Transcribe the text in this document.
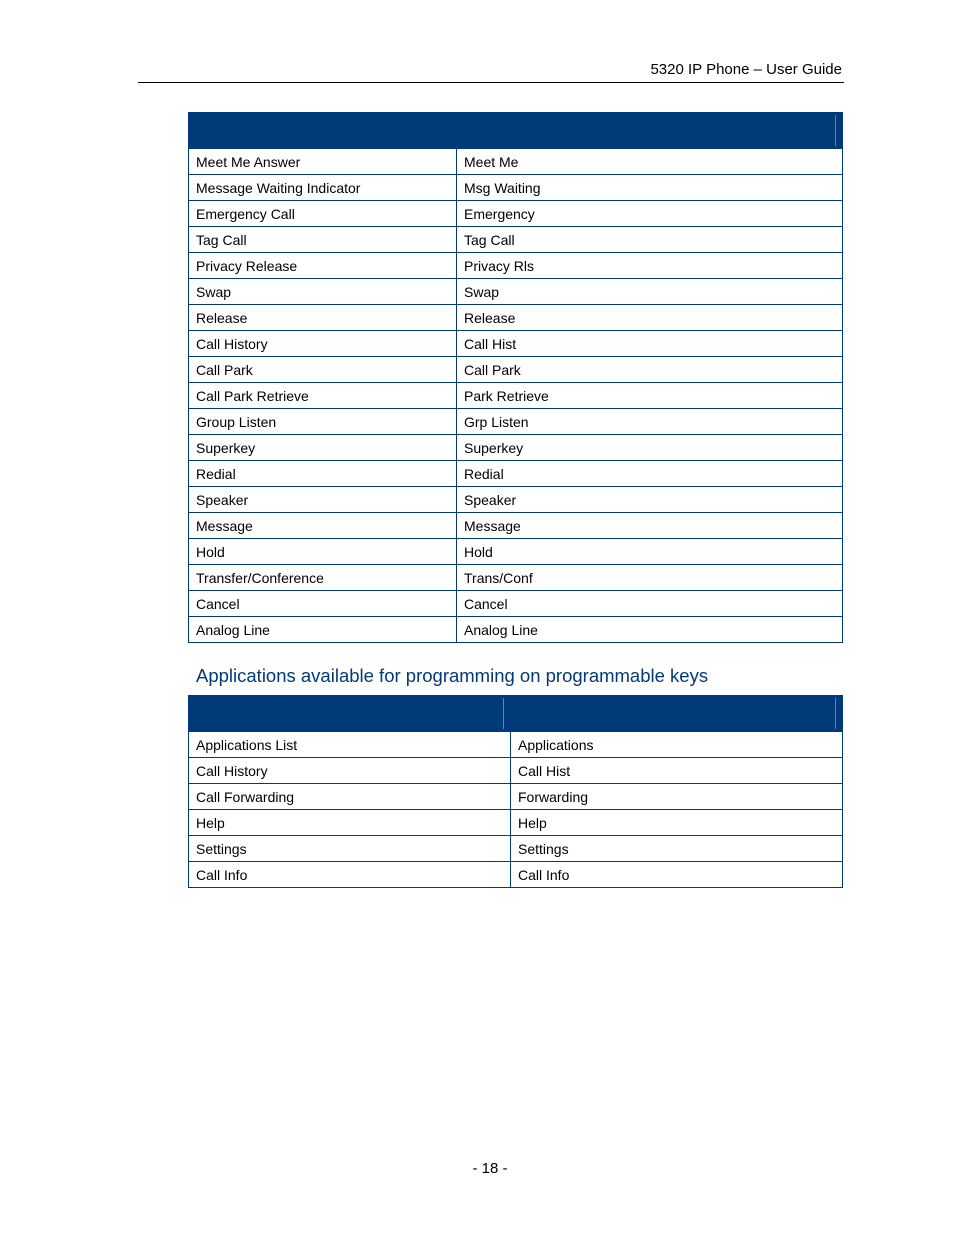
5320 IP Phone – User Guide

Meet Me Answer	Meet Me
Message Waiting Indicator	Msg Waiting
Emergency Call	Emergency
Tag Call	Tag Call
Privacy Release	Privacy Rls
Swap	Swap
Release	Release
Call History	Call Hist
Call Park	Call Park
Call Park Retrieve	Park Retrieve
Group Listen	Grp Listen
Superkey	Superkey
Redial	Redial
Speaker	Speaker
Message	Message
Hold	Hold
Transfer/Conference	Trans/Conf
Cancel	Cancel
Analog Line	Analog Line
Applications available for programming on programmable keys

Applications List	Applications
Call History	Call Hist
Call Forwarding	Forwarding
Help	Help
Settings	Settings
Call Info	Call Info
- 18 -
